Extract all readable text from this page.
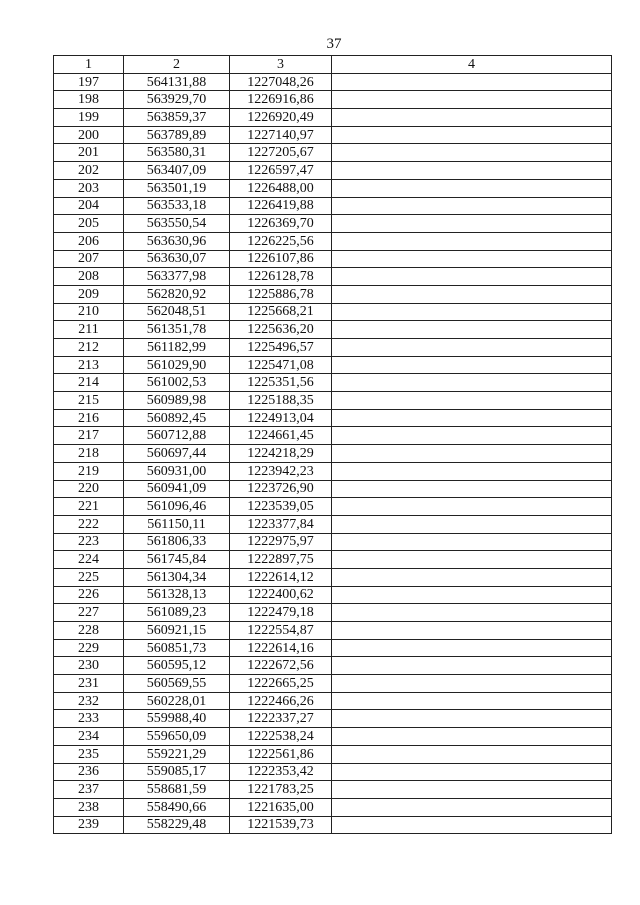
37
1	2	3	4
197	564131,88	1227048,26	
198	563929,70	1226916,86	
199	563859,37	1226920,49	
200	563789,89	1227140,97	
201	563580,31	1227205,67	
202	563407,09	1226597,47	
203	563501,19	1226488,00	
204	563533,18	1226419,88	
205	563550,54	1226369,70	
206	563630,96	1226225,56	
207	563630,07	1226107,86	
208	563377,98	1226128,78	
209	562820,92	1225886,78	
210	562048,51	1225668,21	
211	561351,78	1225636,20	
212	561182,99	1225496,57	
213	561029,90	1225471,08	
214	561002,53	1225351,56	
215	560989,98	1225188,35	
216	560892,45	1224913,04	
217	560712,88	1224661,45	
218	560697,44	1224218,29	
219	560931,00	1223942,23	
220	560941,09	1223726,90	
221	561096,46	1223539,05	
222	561150,11	1223377,84	
223	561806,33	1222975,97	
224	561745,84	1222897,75	
225	561304,34	1222614,12	
226	561328,13	1222400,62	
227	561089,23	1222479,18	
228	560921,15	1222554,87	
229	560851,73	1222614,16	
230	560595,12	1222672,56	
231	560569,55	1222665,25	
232	560228,01	1222466,26	
233	559988,40	1222337,27	
234	559650,09	1222538,24	
235	559221,29	1222561,86	
236	559085,17	1222353,42	
237	558681,59	1221783,25	
238	558490,66	1221635,00	
239	558229,48	1221539,73	
